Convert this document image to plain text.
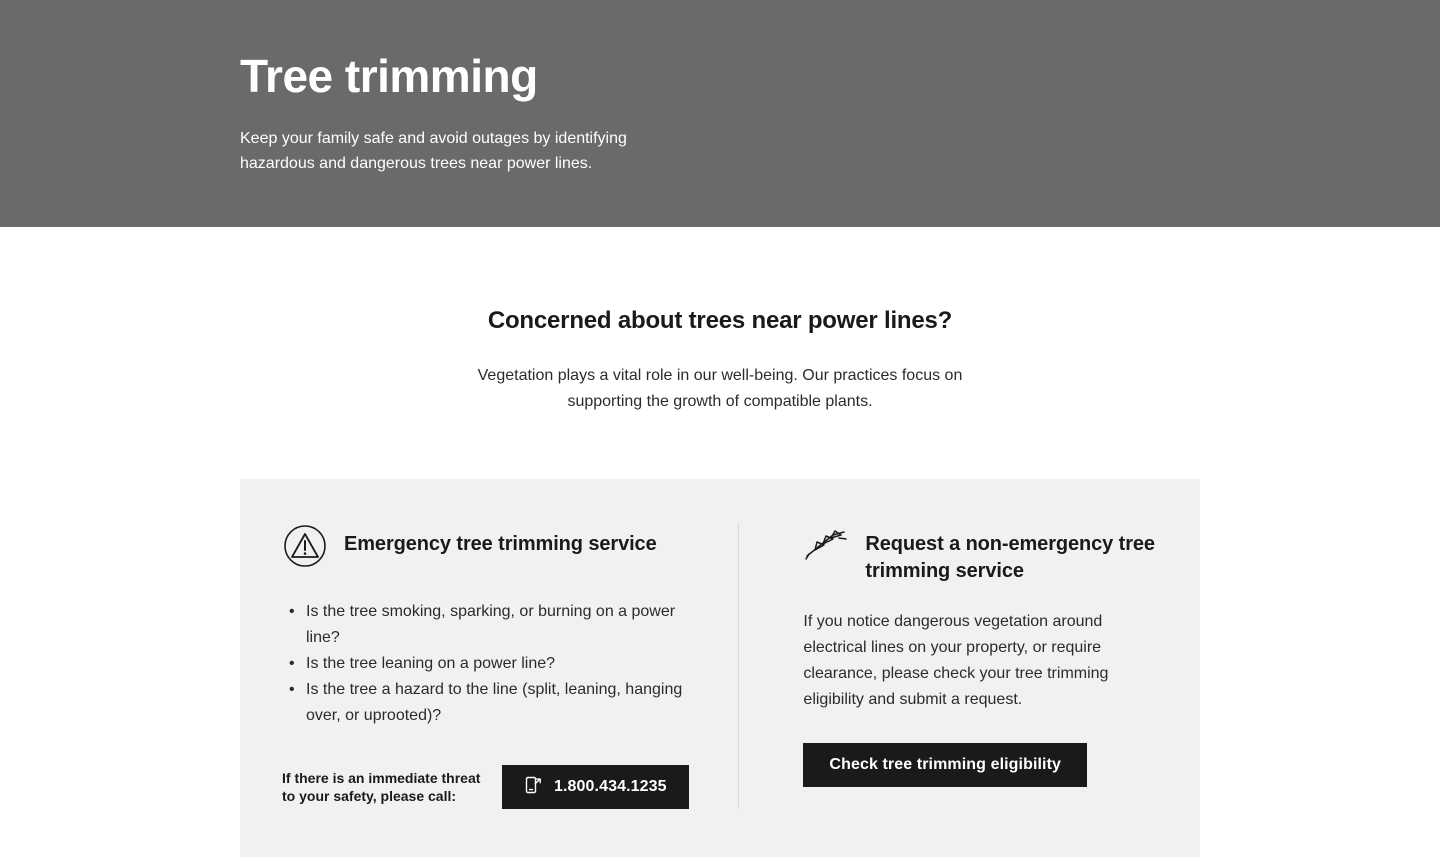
Tree trimming

Keep your family safe and avoid outages by identifying hazardous and dangerous trees near power lines.

Concerned about trees near power lines?

Vegetation plays a vital role in our well-being. Our practices focus on supporting the growth of compatible plants.

Emergency tree trimming service
• Is the tree smoking, sparking, or burning on a power line?
• Is the tree leaning on a power line?
• Is the tree a hazard to the line (split, leaning, hanging over, or uprooted)?
If there is an immediate threat to your safety, please call:
1.800.434.1235
Request a non-emergency tree trimming service

If you notice dangerous vegetation around electrical lines on your property, or require clearance, please check your tree trimming eligibility and submit a request.

Check tree trimming eligibility
